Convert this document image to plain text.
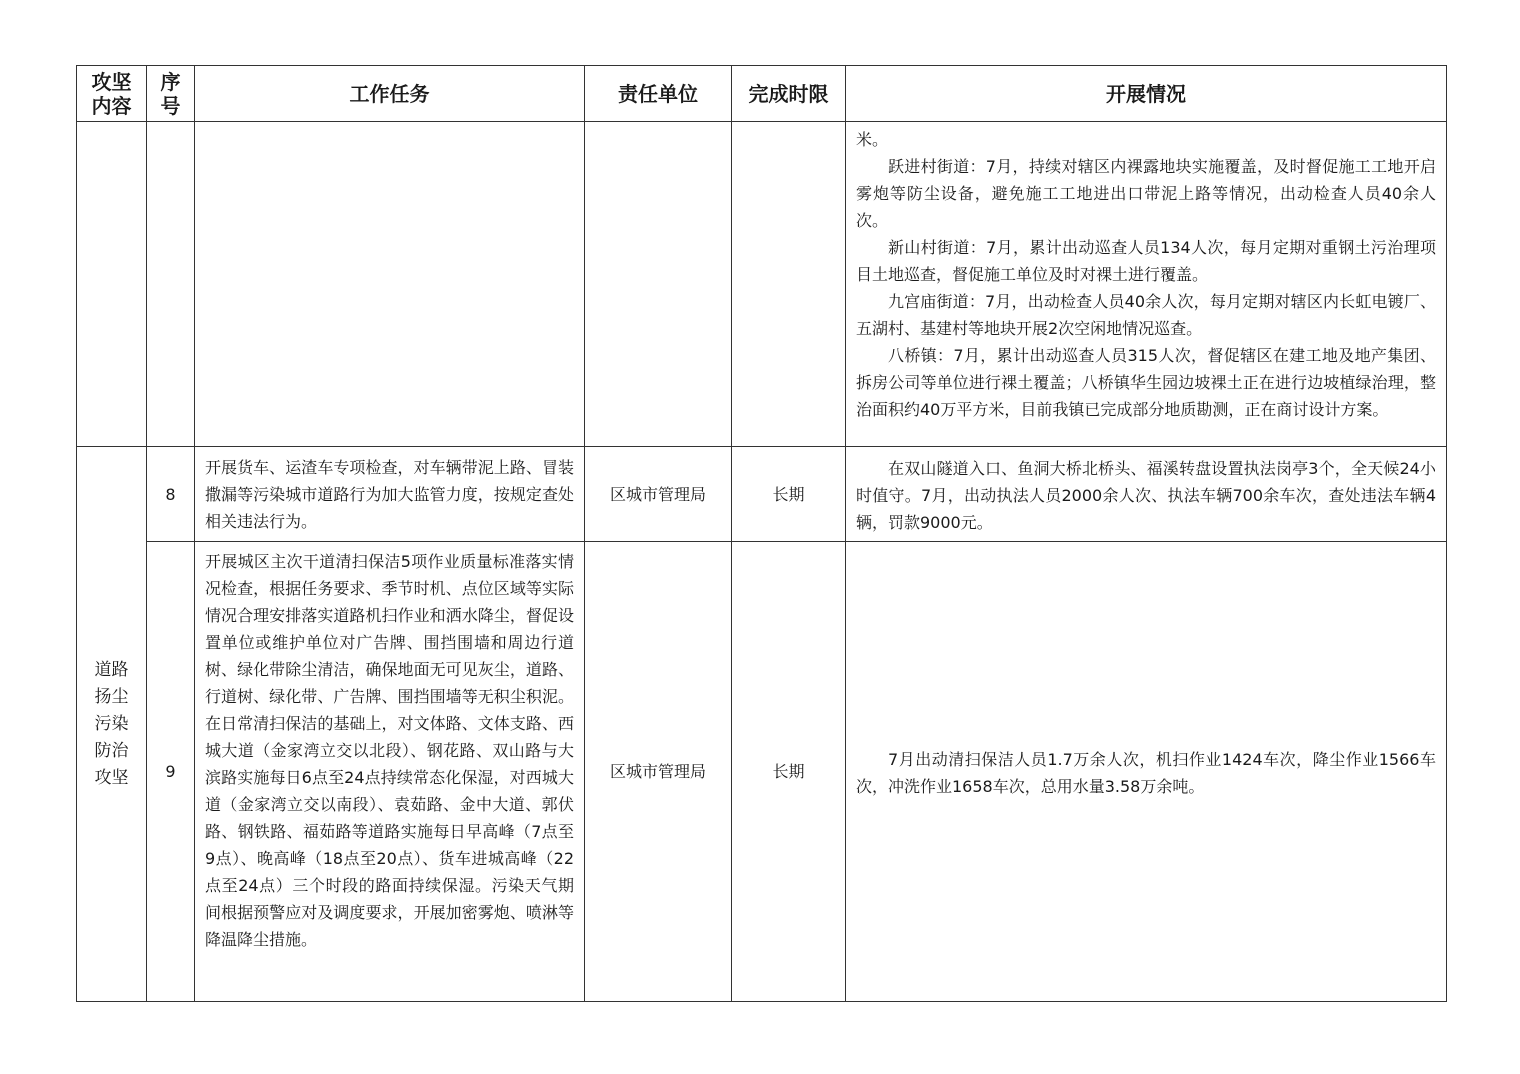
攻坚
内容	序
号	工作任务	责任单位	完成时限	开展情况

					米。

跃进村街道：7月，持续对辖区内裸露地块实施覆盖，及时督促施工工地开启雾炮等防尘设备，避免施工工地进出口带泥上路等情况，出动检查人员40余人次。

新山村街道：7月，累计出动巡查人员134人次，每月定期对重钢土污治理项目土地巡查，督促施工单位及时对裸土进行覆盖。

九宫庙街道：7月，出动检查人员40余人次，每月定期对辖区内长虹电镀厂、五湖村、基建村等地块开展2次空闲地情况巡查。

八桥镇：7月，累计出动巡查人员315人次，督促辖区在建工地及地产集团、拆房公司等单位进行裸土覆盖；八桥镇华生园边坡裸土正在进行边坡植绿治理，整治面积约40万平方米，目前我镇已完成部分地质勘测，正在商讨设计方案。

道路
扬尘
污染
防治
攻坚	8	开展货车、运渣车专项检查，对车辆带泥上路、冒装撒漏等污染城市道路行为加大监管力度，按规定查处相关违法行为。	区城市管理局	长期	在双山隧道入口、鱼洞大桥北桥头、福溪转盘设置执法岗亭3个，全天候24小时值守。7月，出动执法人员2000余人次、执法车辆700余车次，查处违法车辆4辆，罚款9000元。

	9	开展城区主次干道清扫保洁5项作业质量标准落实情况检查，根据任务要求、季节时机、点位区域等实际情况合理安排落实道路机扫作业和洒水降尘，督促设置单位或维护单位对广告牌、围挡围墙和周边行道树、绿化带除尘清洁，确保地面无可见灰尘，道路、行道树、绿化带、广告牌、围挡围墙等无积尘积泥。在日常清扫保洁的基础上，对文体路、文体支路、西城大道（金家湾立交以北段）、钢花路、双山路与大滨路实施每日6点至24点持续常态化保湿，对西城大道（金家湾立交以南段）、袁茹路、金中大道、郭伏路、钢铁路、福茹路等道路实施每日早高峰（7点至9点）、晚高峰（18点至20点）、货车进城高峰（22点至24点）三个时段的路面持续保湿。污染天气期间根据预警应对及调度要求，开展加密雾炮、喷淋等降温降尘措施。	区城市管理局	长期	7月出动清扫保洁人员1.7万余人次，机扫作业1424车次，降尘作业1566车次，冲洗作业1658车次，总用水量3.58万余吨。
